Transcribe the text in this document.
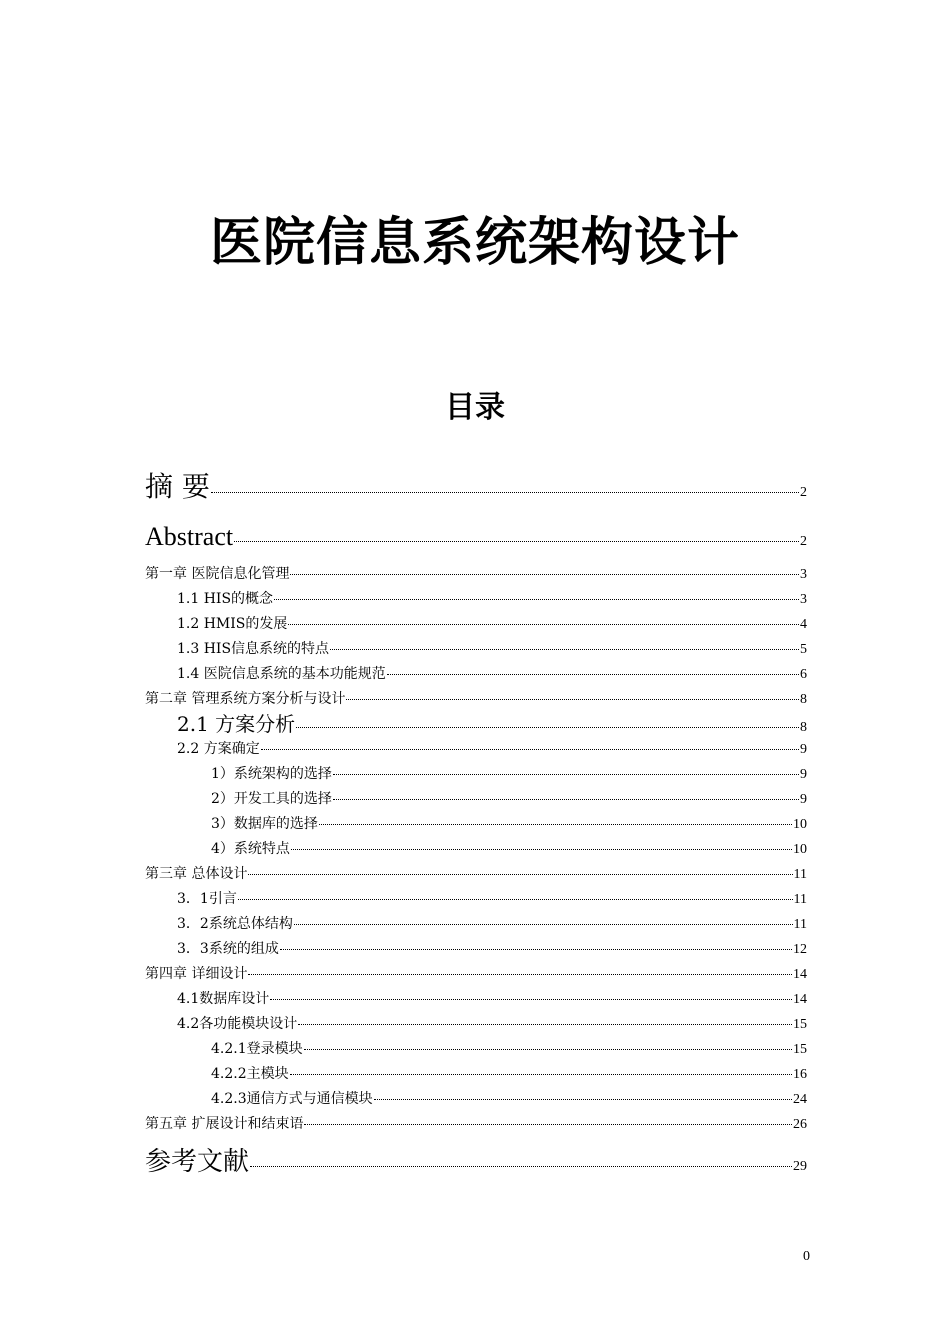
医院信息系统架构设计
目录
摘 要	2
Abstract	2
第一章 医院信息化管理	3
1.1 HIS的概念	3
1.2 HMIS的发展	4
1.3 HIS信息系统的特点	5
1.4 医院信息系统的基本功能规范	6
第二章 管理系统方案分析与设计	8
2.1 方案分析	8
2.2 方案确定	9
1）系统架构的选择	9
2）开发工具的选择	9
3）数据库的选择	10
4）系统特点	10
第三章 总体设计	11
3．1引言	11
3．2系统总体结构	11
3．3系统的组成	12
第四章 详细设计	14
4.1数据库设计	14
4.2各功能模块设计	15
4.2.1登录模块	15
4.2.2主模块	16
4.2.3通信方式与通信模块	24
第五章 扩展设计和结束语	26
参考文献	29
0
